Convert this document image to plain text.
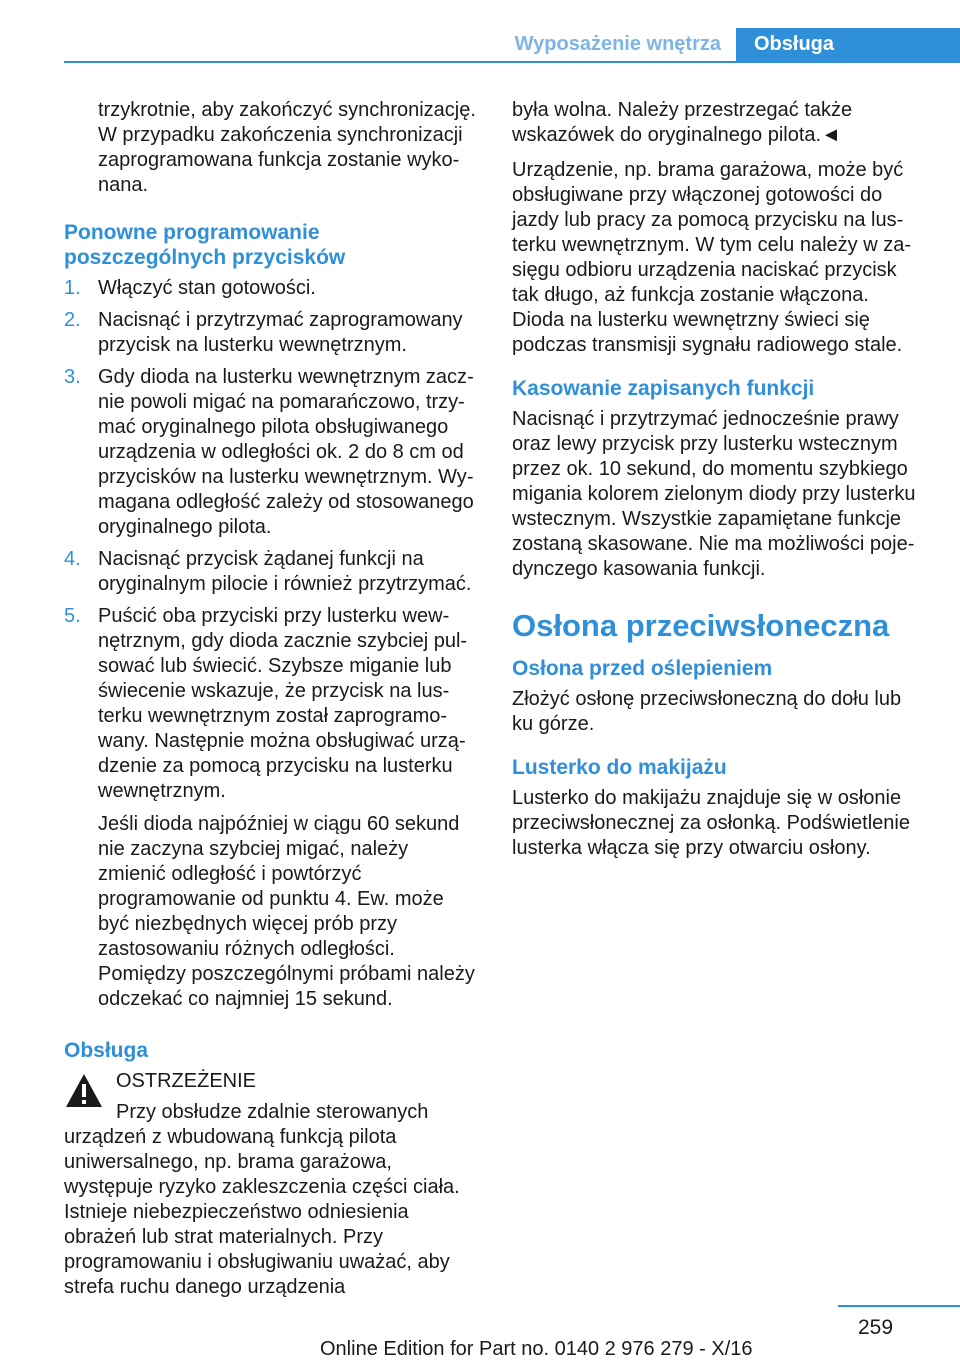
Wyposażenie wnętrza	Obsługa

trzykrotnie, aby zakończyć synchronizację. W przypadku zakończenia synchronizacji zaprogramowana funkcja zostanie wykonana.

Ponowne programowanie poszczególnych przycisków
1. Włączyć stan gotowości.
2. Nacisnąć i przytrzymać zaprogramowany przycisk na lusterku wewnętrznym.
3. Gdy dioda na lusterku wewnętrznym zacznie powoli migać na pomarańczowo, trzymać oryginalnego pilota obsługiwanego urządzenia w odległości ok. 2 do 8 cm od przycisków na lusterku wewnętrznym. Wymagana odległość zależy od stosowanego oryginalnego pilota.
4. Nacisnąć przycisk żądanej funkcji na oryginalnym pilocie i również przytrzymać.
5. Puścić oba przyciski przy lusterku wewnętrznym, gdy dioda zacznie szybciej pulsować lub świecić. Szybsze miganie lub świecenie wskazuje, że przycisk na lusterku wewnętrznym został zaprogramowany. Następnie można obsługiwać urządzenie za pomocą przycisku na lusterku wewnętrznym.
Jeśli dioda najpóźniej w ciągu 60 sekund nie zaczyna szybciej migać, należy zmienić odległość i powtórzyć programowanie od punktu 4. Ew. może być niezbędnych więcej prób przy zastosowaniu różnych odległości. Pomiędzy poszczególnymi próbami należy odczekać co najmniej 15 sekund.
Obsługa
OSTRZEŻENIE
Przy obsłudze zdalnie sterowanych urządzeń z wbudowaną funkcją pilota uniwersalnego, np. brama garażowa, występuje ryzyko zakleszczenia części ciała. Istnieje niebezpieczeństwo odniesienia obrażeń lub strat materialnych. Przy programowaniu i obsługiwaniu uważać, aby strefa ruchu danego urządzenia

była wolna. Należy przestrzegać także wskazówek do oryginalnego pilota.◄

Urządzenie, np. brama garażowa, może być obsługiwane przy włączonej gotowości do jazdy lub pracy za pomocą przycisku na lusterku wewnętrznym. W tym celu należy w zasięgu odbioru urządzenia naciskać przycisk tak długo, aż funkcja zostanie włączona. Dioda na lusterku wewnętrzny świeci się podczas transmisji sygnału radiowego stale.

Kasowanie zapisanych funkcji

Nacisnąć i przytrzymać jednocześnie prawy oraz lewy przycisk przy lusterku wstecznym przez ok. 10 sekund, do momentu szybkiego migania kolorem zielonym diody przy lusterku wstecznym. Wszystkie zapamiętane funkcje zostaną skasowane. Nie ma możliwości pojedynczego kasowania funkcji.

Osłona przeciwsłoneczna
Osłona przed oślepieniem

Złożyć osłonę przeciwsłoneczną do dołu lub ku górze.

Lusterko do makijażu

Lusterko do makijażu znajduje się w osłonie przeciwsłonecznej za osłonką. Podświetlenie lusterka włącza się przy otwarciu osłony.

259
Online Edition for Part no. 0140 2 976 279 - X/16
